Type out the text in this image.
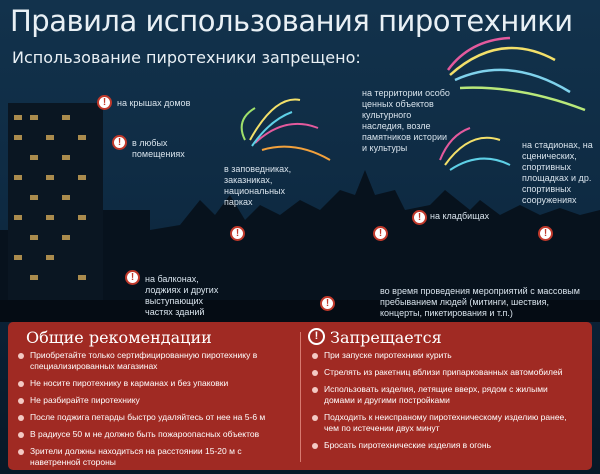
Правила использования пиротехники
Использование пиротехники запрещено:
!	на крышах домов
!	в любых помещениях
!	на балконах, лоджиях и других выступающих частях зданий
!
в заповедниках, заказниках, национальных парках
!
на территории особо ценных объектов культурного наследия, возле памятников истории и культуры
! на кладбищах
!
на стадионах, на сценических, спортивных площадках и др. спортивных сооружениях
!
во время проведения мероприятий с массовым пребыванием людей (митинги, шествия, концерты, пикетирования и т.п.)
Общие рекомендации
Приобретайте только сертифицированную пиротехнику в специализированных магазинах
Не носите пиротехнику в карманах и без упаковки
Не разбирайте пиротехнику
После поджига петарды быстро удаляйтесь от нее на 5-6 м
В радиусе 50 м не должно быть пожароопасных объектов
Зрители должны находиться на расстоянии 15-20 м с наветренной стороны
! Запрещается
При запуске пиротехники курить
Стрелять из ракетниц вблизи припаркованных автомобилей
Использовать изделия, летящие вверх, рядом с жилыми домами и другими постройками
Подходить к неиспраному пиротехническому изделию ранее, чем по истечении двух минут
Бросать пиротехнические изделия в огонь
